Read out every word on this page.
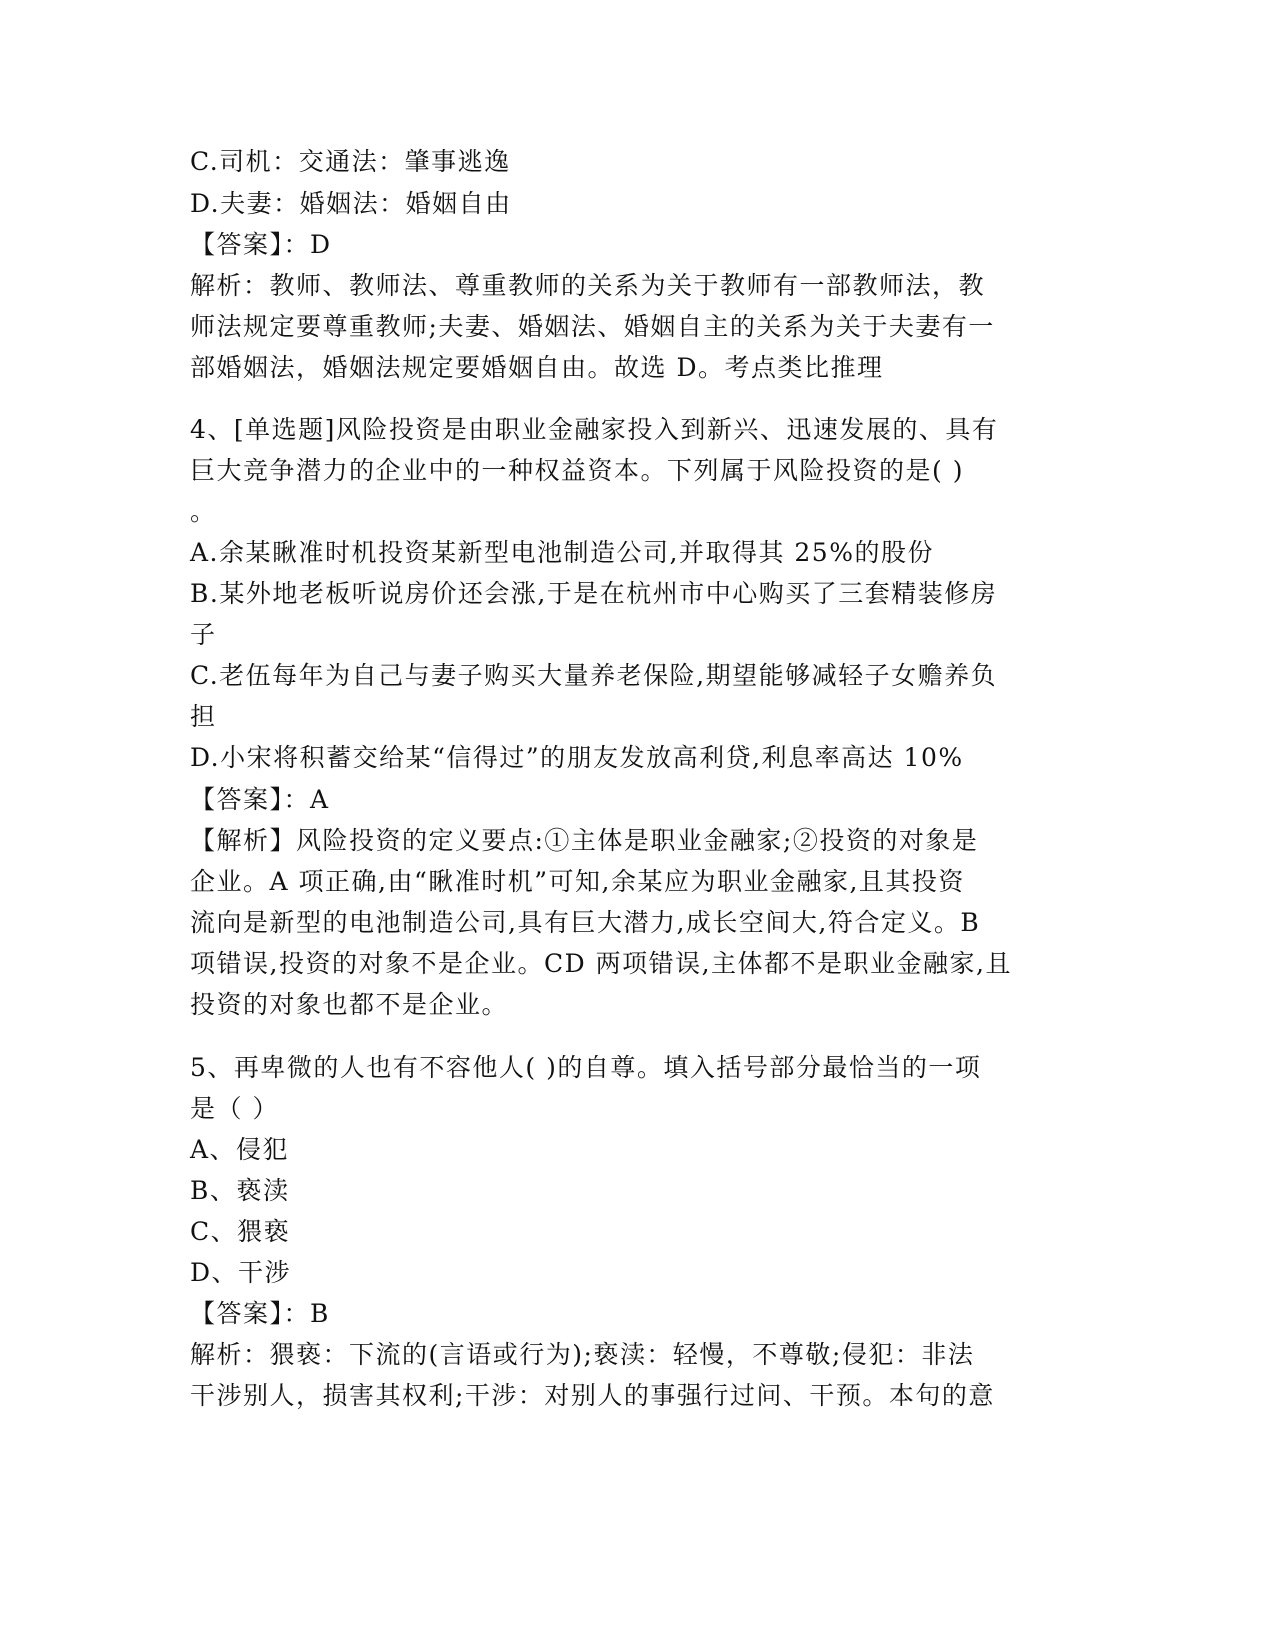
C.司机：交通法：肇事逃逸
D.夫妻：婚姻法：婚姻自由
【答案】：D
解析：教师、教师法、尊重教师的关系为关于教师有一部教师法，教
师法规定要尊重教师;夫妻、婚姻法、婚姻自主的关系为关于夫妻有一
部婚姻法，婚姻法规定要婚姻自由。故选 D。考点类比推理
4、[单选题]风险投资是由职业金融家投入到新兴、迅速发展的、具有
巨大竞争潜力的企业中的一种权益资本。下列属于风险投资的是( )
。
A.余某瞅准时机投资某新型电池制造公司,并取得其 25%的股份
B.某外地老板听说房价还会涨,于是在杭州市中心购买了三套精装修房
子
C.老伍每年为自己与妻子购买大量养老保险,期望能够减轻子女赡养负
担
D.小宋将积蓄交给某“信得过”的朋友发放高利贷,利息率高达 10%
【答案】：A
【解析】风险投资的定义要点:①主体是职业金融家;②投资的对象是
企业。A 项正确,由“瞅准时机”可知,余某应为职业金融家,且其投资
流向是新型的电池制造公司,具有巨大潜力,成长空间大,符合定义。B
项错误,投资的对象不是企业。CD 两项错误,主体都不是职业金融家,且
投资的对象也都不是企业。
5、再卑微的人也有不容他人( )的自尊。填入括号部分最恰当的一项
是（ ）
A、侵犯
B、亵渎
C、猥亵
D、干涉
【答案】：B
解析：猥亵：下流的(言语或行为);亵渎：轻慢，不尊敬;侵犯：非法
干涉别人，损害其权利;干涉：对别人的事强行过问、干预。本句的意
